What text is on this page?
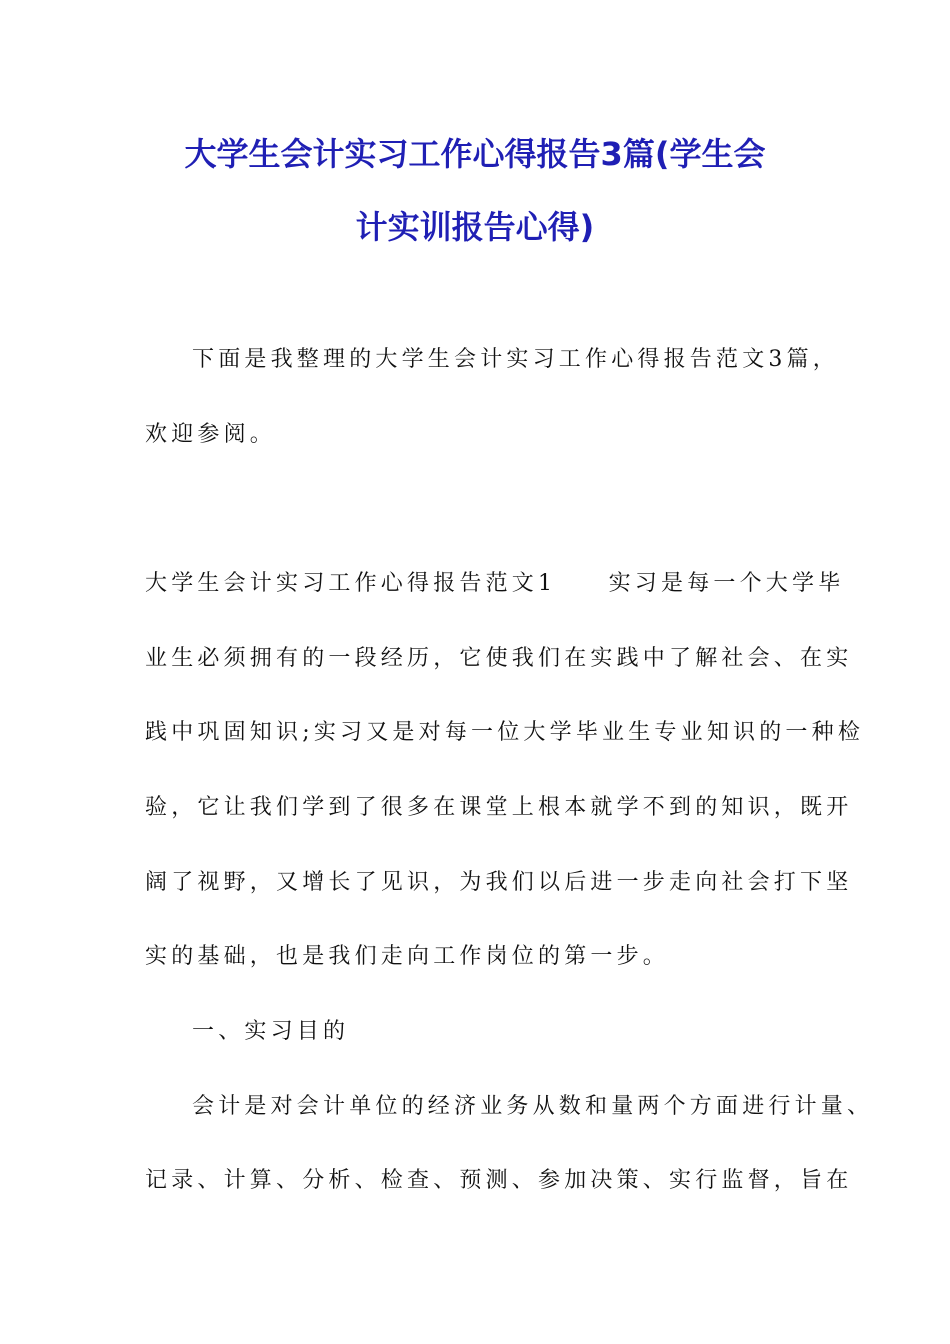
大学生会计实习工作心得报告3篇(学生会
计实训报告心得)

下面是我整理的大学生会计实习工作心得报告范文3篇，

欢迎参阅。

大学生会计实习工作心得报告范文1　　实习是每一个大学毕

业生必须拥有的一段经历，它使我们在实践中了解社会、在实

践中巩固知识;实习又是对每一位大学毕业生专业知识的一种检

验，它让我们学到了很多在课堂上根本就学不到的知识，既开

阔了视野，又增长了见识，为我们以后进一步走向社会打下坚

实的基础，也是我们走向工作岗位的第一步。

一、实习目的

会计是对会计单位的经济业务从数和量两个方面进行计量、

记录、计算、分析、检查、预测、参加决策、实行监督，旨在
